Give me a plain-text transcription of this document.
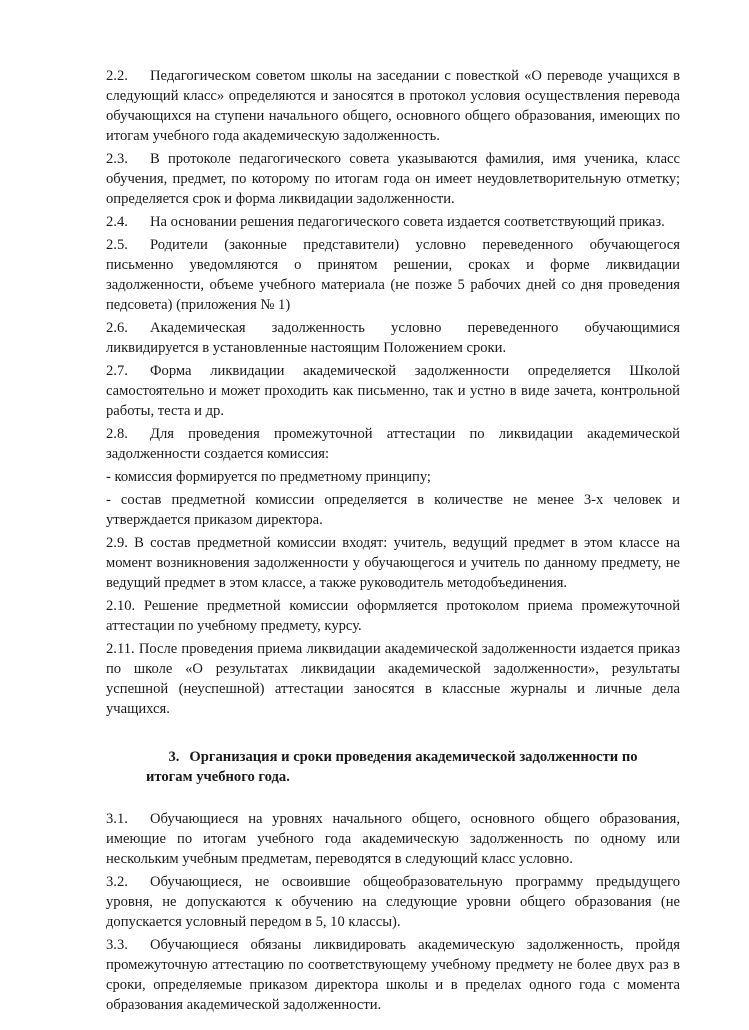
2.2. Педагогическом советом школы на заседании с повесткой «О переводе учащихся в следующий класс» определяются и заносятся в протокол условия осуществления перевода обучающихся на ступени начального общего, основного общего образования, имеющих по итогам учебного года академическую задолженность.

2.3. В протоколе педагогического совета указываются фамилия, имя ученика, класс обучения, предмет, по которому по итогам года он имеет неудовлетворительную отметку; определяется срок и форма ликвидации задолженности.

2.4. На основании решения педагогического совета издается соответствующий приказ.

2.5. Родители (законные представители) условно переведенного обучающегося письменно уведомляются о принятом решении, сроках и форме ликвидации задолженности, объеме учебного материала (не позже 5 рабочих дней со дня проведения педсовета) (приложения № 1)

2.6. Академическая задолженность условно переведенного обучающимися ликвидируется в установленные настоящим Положением сроки.

2.7. Форма ликвидации академической задолженности определяется Школой самостоятельно и может проходить как письменно, так и устно в виде зачета, контрольной работы, теста и др.

2.8. Для проведения промежуточной аттестации по ликвидации академической задолженности создается комиссия:

- комиссия формируется по предметному принципу;

- состав предметной комиссии определяется в количестве не менее 3-х человек и утверждается приказом директора.

2.9. В состав предметной комиссии входят: учитель, ведущий предмет в этом классе на момент возникновения задолженности у обучающегося и учитель по данному предмету, не ведущий предмет в этом классе, а также руководитель методобъединения.

2.10. Решение предметной комиссии оформляется протоколом приема промежуточной аттестации по учебному предмету, курсу.

2.11. После проведения приема ликвидации академической задолженности издается приказ по школе «О результатах ликвидации академической задолженности», результаты успешной (неуспешной) аттестации заносятся в классные журналы и личные дела учащихся.

3. Организация и сроки проведения академической задолженности по итогам учебного года.

3.1. Обучающиеся на уровнях начального общего, основного общего образования, имеющие по итогам учебного года академическую задолженность по одному или нескольким учебным предметам, переводятся в следующий класс условно.

3.2. Обучающиеся, не освоившие общеобразовательную программу предыдущего уровня, не допускаются к обучению на следующие уровни общего образования (не допускается условный передом в 5, 10 классы).

3.3. Обучающиеся обязаны ликвидировать академическую задолженность, пройдя промежуточную аттестацию по соответствующему учебному предмету не более двух раз в сроки, определяемые приказом директора школы и в пределах одного года с момента образования академической задолженности.
